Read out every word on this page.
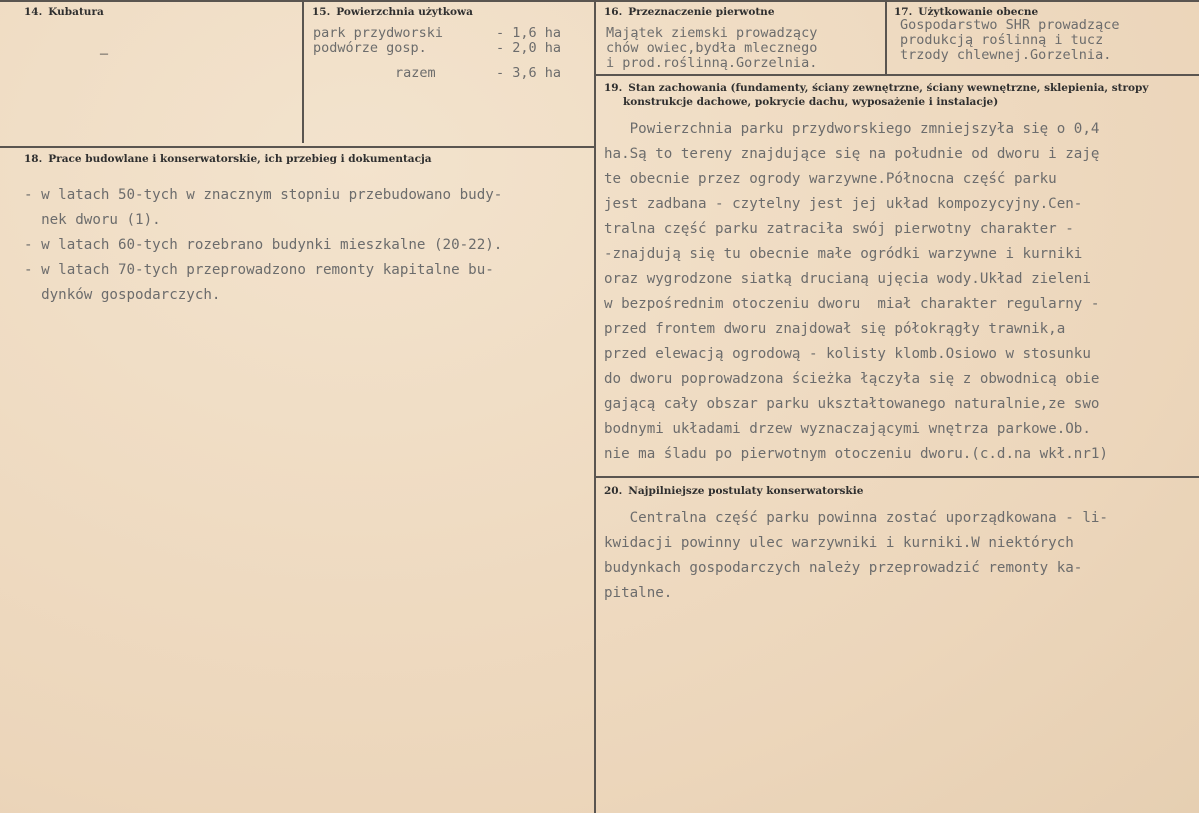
14. Kubatura
–
15. Powierzchnia użytkowa
park przydworski	- 1,6 ha
podwórze gosp.	- 2,0 ha
razem	- 3,6 ha
16. Przeznaczenie pierwotne
Majątek ziemski prowadzący
chów owiec,bydła mlecznego
i prod.roślinną.Gorzelnia.
17. Użytkowanie obecne
Gospodarstwo SHR prowadzące
produkcją roślinną i tucz
trzody chlewnej.Gorzelnia.
18. Prace budowlane i konserwatorskie, ich przebieg i dokumentacja
- w latach 50-tych w znacznym stopniu przebudowano budy-
nek dworu (1).
- w latach 60-tych rozebrano budynki mieszkalne (20-22).
- w latach 70-tych przeprowadzono remonty kapitalne bu-
dynków gospodarczych.
19. Stan zachowania (fundamenty, ściany zewnętrzne, ściany wewnętrzne, sklepienia, stropy
konstrukcje dachowe, pokrycie dachu, wyposażenie i instalacje)
Powierzchnia parku przydworskiego zmniejszyła się o 0,4
ha.Są to tereny znajdujące się na południe od dworu i zaję
te obecnie przez ogrody warzywne.Północna część parku
jest zadbana - czytelny jest jej układ kompozycyjny.Cen-
tralna część parku zatraciła swój pierwotny charakter -
-znajdują się tu obecnie małe ogródki warzywne i kurniki
oraz wygrodzone siatką drucianą ujęcia wody.Układ zieleni
w bezpośrednim otoczeniu dworu  miał charakter regularny -
przed frontem dworu znajdował się półokrągły trawnik,a
przed elewacją ogrodową - kolisty klomb.Osiowo w stosunku
do dworu poprowadzona ścieżka łączyła się z obwodnicą obie
gającą cały obszar parku ukształtowanego naturalnie,ze swo
bodnymi układami drzew wyznaczającymi wnętrza parkowe.Ob.
nie ma śladu po pierwotnym otoczeniu dworu.(c.d.na wkł.nr1)
20. Najpilniejsze postulaty konserwatorskie
Centralna część parku powinna zostać uporządkowana - li-
kwidacji powinny ulec warzywniki i kurniki.W niektórych
budynkach gospodarczych należy przeprowadzić remonty ka-
pitalne.
